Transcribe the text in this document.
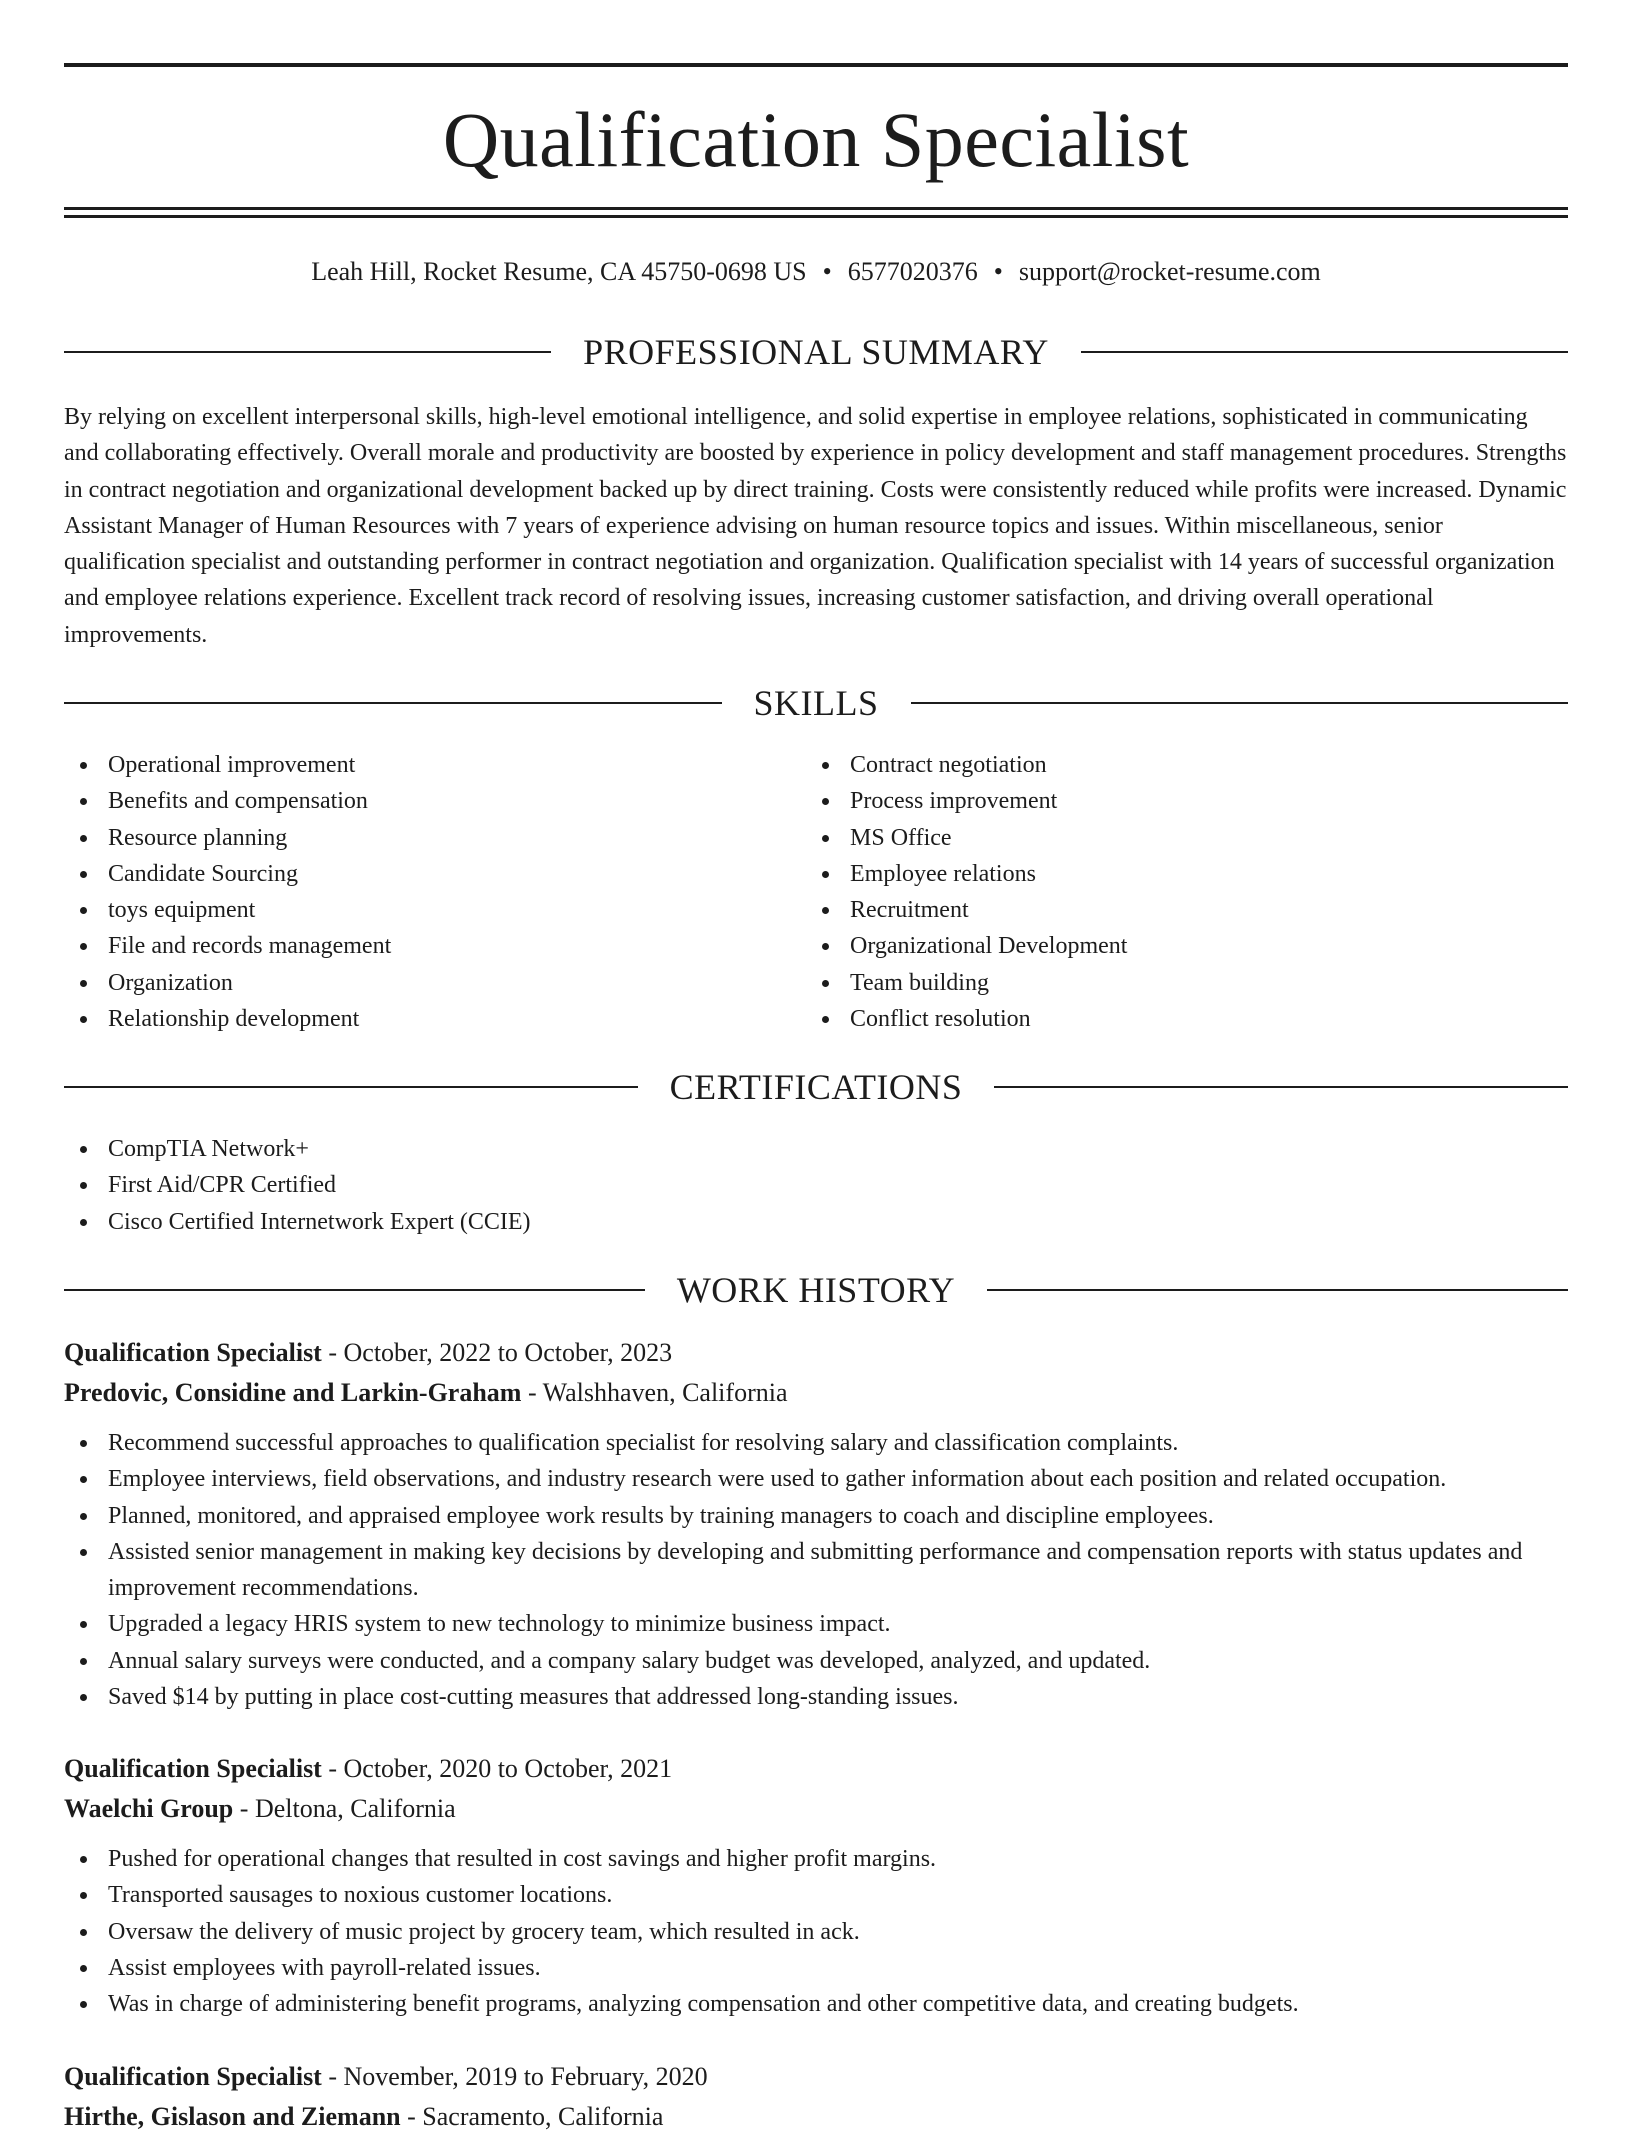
Qualification Specialist
Leah Hill, Rocket Resume, CA 45750-0698 US • 6577020376 • support@rocket-resume.com
PROFESSIONAL SUMMARY

By relying on excellent interpersonal skills, high-level emotional intelligence, and solid expertise in employee relations, sophisticated in communicating and collaborating effectively. Overall morale and productivity are boosted by experience in policy development and staff management procedures. Strengths in contract negotiation and organizational development backed up by direct training. Costs were consistently reduced while profits were increased. Dynamic Assistant Manager of Human Resources with 7 years of experience advising on human resource topics and issues. Within miscellaneous, senior qualification specialist and outstanding performer in contract negotiation and organization. Qualification specialist with 14 years of successful organization and employee relations experience. Excellent track record of resolving issues, increasing customer satisfaction, and driving overall operational improvements.

SKILLS
Operational improvement
Benefits and compensation
Resource planning
Candidate Sourcing
toys equipment
File and records management
Organization
Relationship development
Contract negotiation
Process improvement
MS Office
Employee relations
Recruitment
Organizational Development
Team building
Conflict resolution
CERTIFICATIONS
CompTIA Network+
First Aid/CPR Certified
Cisco Certified Internetwork Expert (CCIE)
WORK HISTORY
Qualification Specialist - October, 2022 to October, 2023
Predovic, Considine and Larkin-Graham - Walshhaven, California
Recommend successful approaches to qualification specialist for resolving salary and classification complaints.
Employee interviews, field observations, and industry research were used to gather information about each position and related occupation.
Planned, monitored, and appraised employee work results by training managers to coach and discipline employees.
Assisted senior management in making key decisions by developing and submitting performance and compensation reports with status updates and improvement recommendations.
Upgraded a legacy HRIS system to new technology to minimize business impact.
Annual salary surveys were conducted, and a company salary budget was developed, analyzed, and updated.
Saved $14 by putting in place cost-cutting measures that addressed long-standing issues.
Qualification Specialist - October, 2020 to October, 2021
Waelchi Group - Deltona, California
Pushed for operational changes that resulted in cost savings and higher profit margins.
Transported sausages to noxious customer locations.
Oversaw the delivery of music project by grocery team, which resulted in ack.
Assist employees with payroll-related issues.
Was in charge of administering benefit programs, analyzing compensation and other competitive data, and creating budgets.
Qualification Specialist - November, 2019 to February, 2020
Hirthe, Gislason and Ziemann - Sacramento, California
